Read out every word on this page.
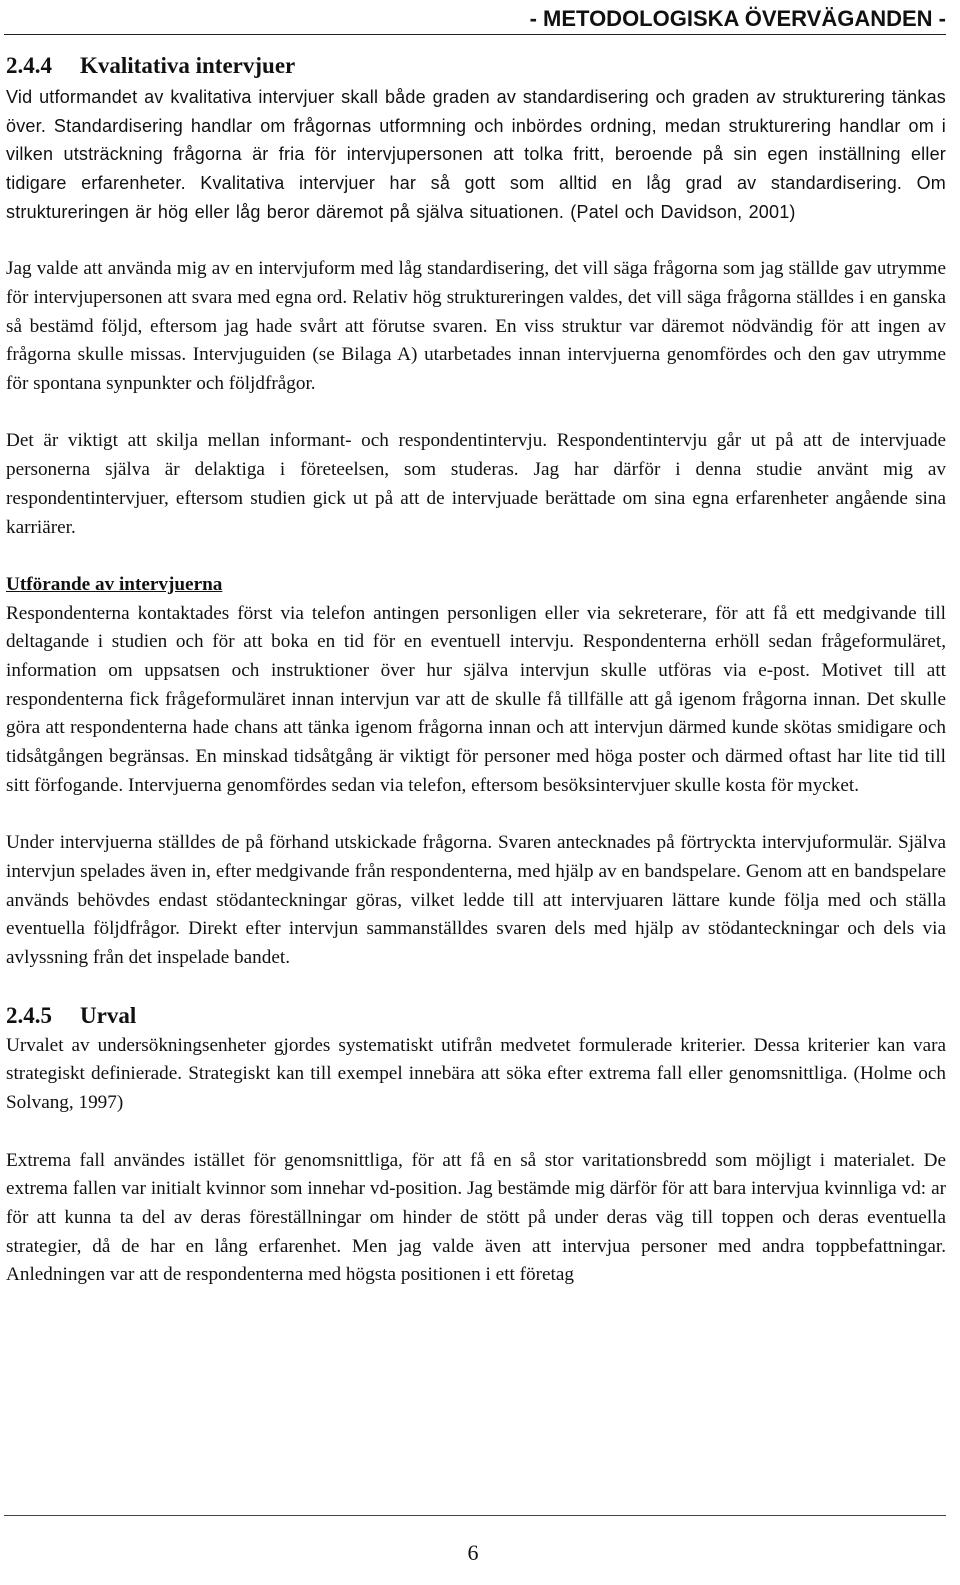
- METODOLOGISKA ÖVERVÄGANDEN -
2.4.4 Kvalitativa intervjuer

Vid utformandet av kvalitativa intervjuer skall både graden av standardisering och graden av strukturering tänkas över. Standardisering handlar om frågornas utformning och inbördes ordning, medan strukturering handlar om i vilken utsträckning frågorna är fria för intervjupersonen att tolka fritt, beroende på sin egen inställning eller tidigare erfarenheter. Kvalitativa intervjuer har så gott som alltid en låg grad av standardisering. Om struktureringen är hög eller låg beror däremot på själva situationen. (Patel och Davidson, 2001)

Jag valde att använda mig av en intervjuform med låg standardisering, det vill säga frågorna som jag ställde gav utrymme för intervjupersonen att svara med egna ord. Relativ hög struktureringen valdes, det vill säga frågorna ställdes i en ganska så bestämd följd, eftersom jag hade svårt att förutse svaren. En viss struktur var däremot nödvändig för att ingen av frågorna skulle missas. Intervjuguiden (se Bilaga A) utarbetades innan intervjuerna genomfördes och den gav utrymme för spontana synpunkter och följdfrågor.

Det är viktigt att skilja mellan informant- och respondentintervju. Respondentintervju går ut på att de intervjuade personerna själva är delaktiga i företeelsen, som studeras. Jag har därför i denna studie använt mig av respondentintervjuer, eftersom studien gick ut på att de intervjuade berättade om sina egna erfarenheter angående sina karriärer.

Utförande av intervjuerna

Respondenterna kontaktades först via telefon antingen personligen eller via sekreterare, för att få ett medgivande till deltagande i studien och för att boka en tid för en eventuell intervju. Respondenterna erhöll sedan frågeformuläret, information om uppsatsen och instruktioner över hur själva intervjun skulle utföras via e-post. Motivet till att respondenterna fick frågeformuläret innan intervjun var att de skulle få tillfälle att gå igenom frågorna innan. Det skulle göra att respondenterna hade chans att tänka igenom frågorna innan och att intervjun därmed kunde skötas smidigare och tidsåtgången begränsas. En minskad tidsåtgång är viktigt för personer med höga poster och därmed oftast har lite tid till sitt förfogande. Intervjuerna genomfördes sedan via telefon, eftersom besöksintervjuer skulle kosta för mycket.

Under intervjuerna ställdes de på förhand utskickade frågorna. Svaren antecknades på förtryckta intervjuformulär. Själva intervjun spelades även in, efter medgivande från respondenterna, med hjälp av en bandspelare. Genom att en bandspelare används behövdes endast stödanteckningar göras, vilket ledde till att intervjuaren lättare kunde följa med och ställa eventuella följdfrågor. Direkt efter intervjun sammanställdes svaren dels med hjälp av stödanteckningar och dels via avlyssning från det inspelade bandet.

2.4.5 Urval

Urvalet av undersökningsenheter gjordes systematiskt utifrån medvetet formulerade kriterier. Dessa kriterier kan vara strategiskt definierade. Strategiskt kan till exempel innebära att söka efter extrema fall eller genomsnittliga. (Holme och Solvang, 1997)

Extrema fall användes istället för genomsnittliga, för att få en så stor varitationsbredd som möjligt i materialet. De extrema fallen var initialt kvinnor som innehar vd-position. Jag bestämde mig därför för att bara intervjua kvinnliga vd: ar för att kunna ta del av deras föreställningar om hinder de stött på under deras väg till toppen och deras eventuella strategier, då de har en lång erfarenhet. Men jag valde även att intervjua personer med andra toppbefattningar. Anledningen var att de respondenterna med högsta positionen i ett företag

6
